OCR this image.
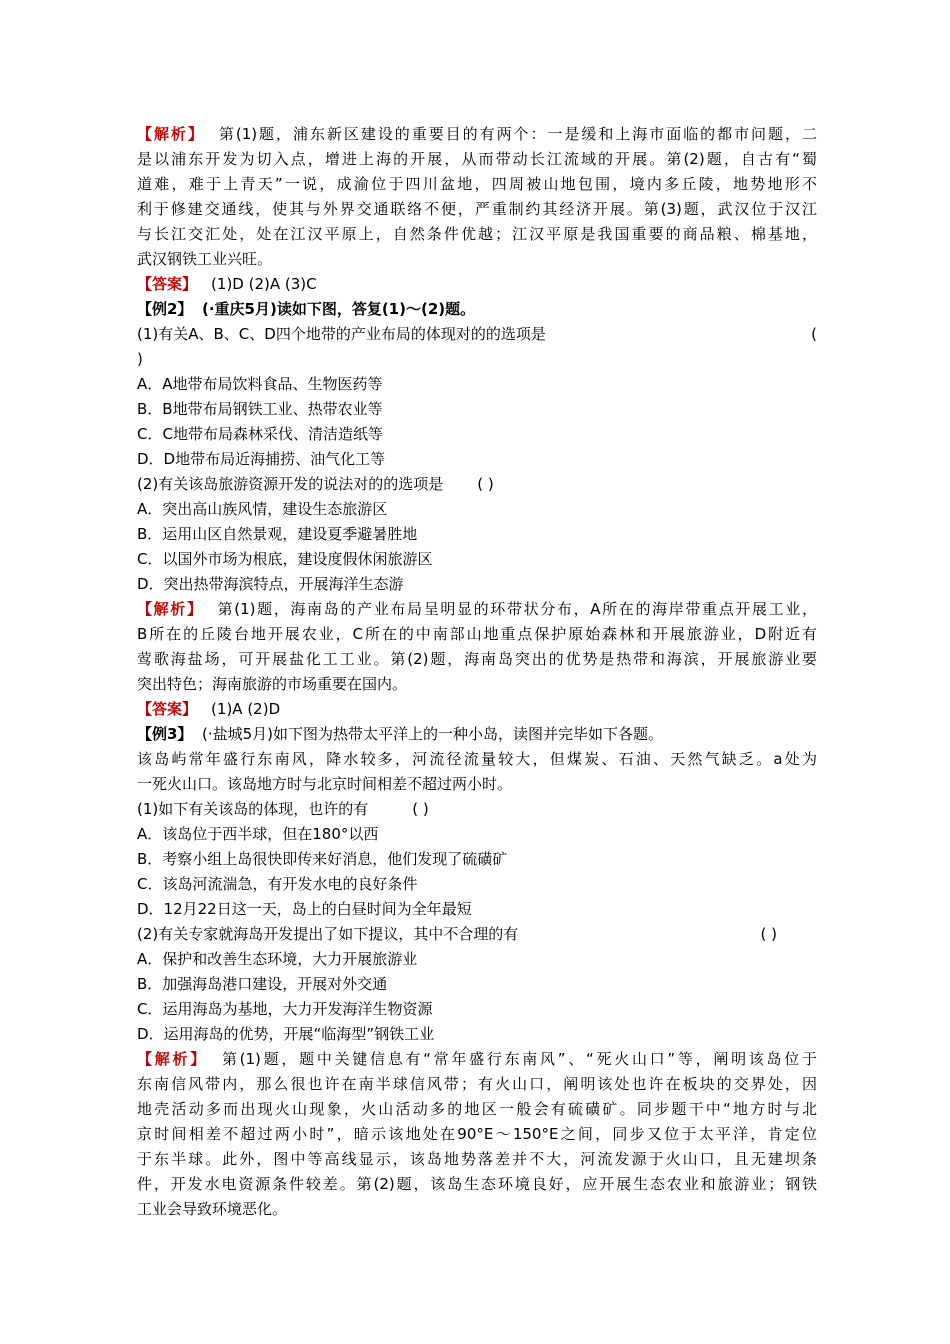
【 解析 】 第(1)题，浦东新区建设的重要目的有两个：一是缓和上海市面临的都市问题，二
是以浦东开发为切入点，增进上海的开展，从而带动长江流域的开展。第(2)题，自古有“蜀
道难，难于上青天”一说，成渝位于四川盆地，四周被山地包围，境内多丘陵，地势地形不
利于修建交通线，使其与外界交通联络不便，严重制约其经济开展。第(3)题，武汉位于汉江
与长江交汇处，处在江汉平原上，自然条件优越；江汉平原是我国重要的商品粮、棉基地，
武汉钢铁工业兴旺。
【 答案 】 (1)D (2)A (3)C
【例2】 (·重庆5月)读如下图，答复(1)～(2)题。
(1)有关A、B、C、D四个地带的产业布局的体现对的的选项是	(
)
A．A地带布局饮料食品、生物医药等
B．B地带布局钢铁工业、热带农业等
C．C地带布局森林采伐、清洁造纸等
D．D地带布局近海捕捞、油气化工等
(2)有关该岛旅游资源开发的说法对的的选项是 ( )
A．突出高山族风情，建设生态旅游区
B．运用山区自然景观，建设夏季避暑胜地
C．以国外市场为根底，建设度假休闲旅游区
D．突出热带海滨特点，开展海洋生态游
【 解析 】 第(1)题，海南岛的产业布局呈明显的环带状分布，A所在的海岸带重点开展工业，
B所在的丘陵台地开展农业，C所在的中南部山地重点保护原始森林和开展旅游业，D附近有
莺歌海盐场，可开展盐化工工业。第(2)题，海南岛突出的优势是热带和海滨，开展旅游业要
突出特色；海南旅游的市场重要在国内。
【 答案 】 (1)A (2)D
【例3】 (·盐城5月)如下图为热带太平洋上的一种小岛，读图并完毕如下各题。
该岛屿常年盛行东南风，降水较多，河流径流量较大，但煤炭、石油、天然气缺乏。a处为
一死火山口。该岛地方时与北京时间相差不超过两小时。
(1)如下有关该岛的体现，也许的有	( )
A．该岛位于西半球，但在180°以西
B．考察小组上岛很快即传来好消息，他们发现了硫磺矿
C．该岛河流湍急，有开发水电的良好条件
D．12月22日这一天，岛上的白昼时间为全年最短
(2)有关专家就海岛开发提出了如下提议，其中不合理的有	( )
A．保护和改善生态环境，大力开展旅游业
B．加强海岛港口建设，开展对外交通
C．运用海岛为基地，大力开发海洋生物资源
D．运用海岛的优势，开展“临海型”钢铁工业
【 解析 】 第(1)题，题中关键信息有“常年盛行东南风”、“死火山口”等，阐明该岛位于
东南信风带内，那么很也许在南半球信风带；有火山口，阐明该处也许在板块的交界处，因
地壳活动多而出现火山现象，火山活动多的地区一般会有硫磺矿。同步题干中“地方时与北
京时间相差不超过两小时”，暗示该地处在90°E～150°E之间，同步又位于太平洋，肯定位
于东半球。此外，图中等高线显示，该岛地势落差并不大，河流发源于火山口，且无建坝条
件，开发水电资源条件较差。第(2)题，该岛生态环境良好，应开展生态农业和旅游业；钢铁
工业会导致环境恶化。
